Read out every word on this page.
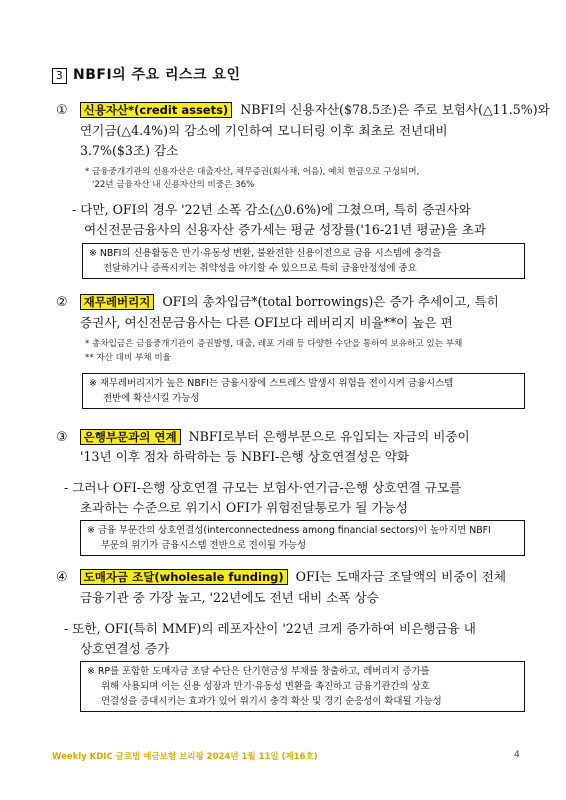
3 NBFI의 주요 리스크 요인
① 신용자산*(credit assets) NBFI의 신용자산($78.5조)은 주로 보험사(△11.5%)와
연기금(△4.4%)의 감소에 기인하여 모니터링 이후 최초로 전년대비
3.7%($3조) 감소
* 금융중개기관의 신용자산은 대출자산, 채무증권(회사채, 어음), 예치 현금으로 구성되며,
'22년 금융자산 내 신용자산의 비중은 36%
- 다만, OFI의 경우 '22년 소폭 감소(△0.6%)에 그쳤으며, 특히 증권사와
여신전문금융사의 신용자산 증가세는 평균 성장률('16-21년 평균)을 초과
※ NBFI의 신용활동은 만기·유동성 변환, 불완전한 신용이전으로 금융 시스템에 충격을
전달하거나 증폭시키는 취약성을 야기할 수 있으므로 특히 금융안정성에 중요
② 재무레버리지 OFI의 총차입금*(total borrowings)은 증가 추세이고, 특히
증권사, 여신전문금융사는 다른 OFI보다 레버리지 비율**이 높은 편
* 총차입금은 금융중개기관이 증권발행, 대출, 레포 거래 등 다양한 수단을 통하여 보유하고 있는 부채
** 자산 대비 부채 비율
※ 재무레버리지가 높은 NBFI는 금융시장에 스트레스 발생시 위험을 전이시켜 금융시스템
전반에 확산시킬 가능성
③ 은행부문과의 연계 NBFI로부터 은행부문으로 유입되는 자금의 비중이
'13년 이후 점차 하락하는 등 NBFI-은행 상호연결성은 약화
- 그러나 OFI-은행 상호연결 규모는 보험사·연기금-은행 상호연결 규모를
초과하는 수준으로 위기시 OFI가 위험전달통로가 될 가능성
※ 금융 부문간의 상호연결성(interconnectedness among financial sectors)이 높아지면 NBFI
부문의 위기가 금융시스템 전반으로 전이될 가능성
④ 도매자금 조달(wholesale funding) OFI는 도매자금 조달액의 비중이 전체
금융기관 중 가장 높고, '22년에도 전년 대비 소폭 상승
- 또한, OFI(특히 MMF)의 레포자산이 '22년 크게 증가하여 비은행금융 내
상호연결성 증가
※ RP를 포함한 도매자금 조달 수단은 단기현금성 부채를 창출하고, 레버리지 증가를
위해 사용되며 이는 신용 성장과 만기·유동성 변환을 촉진하고 금융기관간의 상호
연결성을 증대시키는 효과가 있어 위기시 충격 확산 및 경기 순응성이 확대될 가능성
Weekly KDIC 글로벌 예금보험 브리핑 2024년 1월 11일 (제16호)	4
